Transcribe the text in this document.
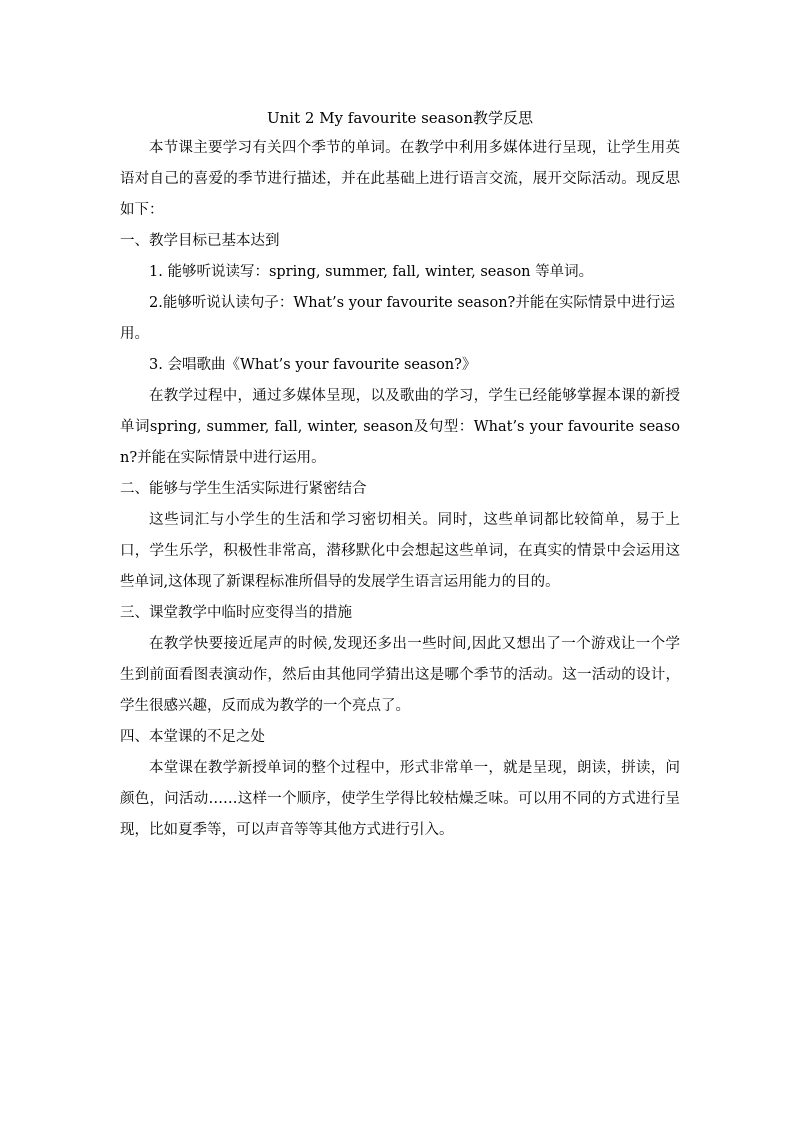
Unit 2 My favourite season教学反思

本节课主要学习有关四个季节的单词。在教学中利用多媒体进行呈现，让学生用英语对自己的喜爱的季节进行描述，并在此基础上进行语言交流，展开交际活动。现反思如下：

一、教学目标已基本达到

1. 能够听说读写：spring, summer, fall, winter, season 等单词。

2.能够听说认读句子：What’s your favourite season?并能在实际情景中进行运用。

3. 会唱歌曲《What’s your favourite season?》

在教学过程中，通过多媒体呈现，以及歌曲的学习，学生已经能够掌握本课的新授单词spring, summer, fall, winter, season及句型：What’s your favourite season?并能在实际情景中进行运用。

二、能够与学生生活实际进行紧密结合

这些词汇与小学生的生活和学习密切相关。同时，这些单词都比较简单，易于上口，学生乐学，积极性非常高，潜移默化中会想起这些单词，在真实的情景中会运用这些单词,这体现了新课程标准所倡导的发展学生语言运用能力的目的。

三、课堂教学中临时应变得当的措施

在教学快要接近尾声的时候,发现还多出一些时间,因此又想出了一个游戏让一个学生到前面看图表演动作，然后由其他同学猜出这是哪个季节的活动。这一活动的设计，学生很感兴趣，反而成为教学的一个亮点了。

四、本堂课的不足之处

本堂课在教学新授单词的整个过程中，形式非常单一，就是呈现，朗读，拼读，问颜色，问活动……这样一个顺序，使学生学得比较枯燥乏味。可以用不同的方式进行呈现，比如夏季等，可以声音等等其他方式进行引入。
